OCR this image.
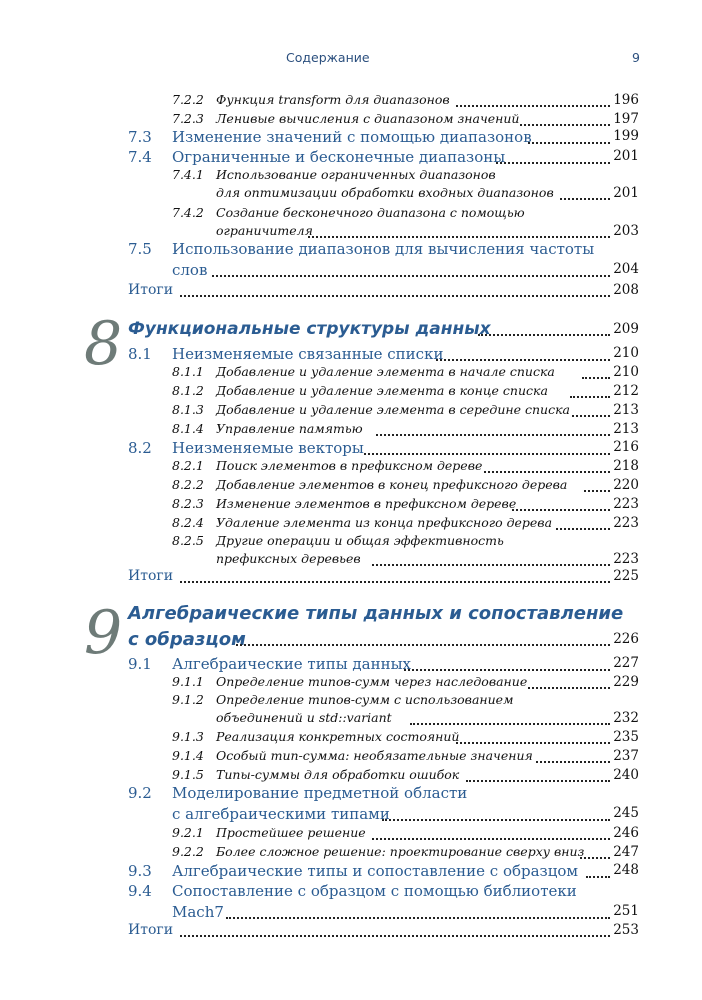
Содержание	9
7.2.2 Функция transform для диапазонов	196
7.2.3 Ленивые вычисления с диапазоном значений	197
7.3 Изменение значений с помощью диапазонов	199
7.4 Ограниченные и бесконечные диапазоны	201
7.4.1 Использование ограниченных диапазонов
для оптимизации обработки входных диапазонов	201
7.4.2 Создание бесконечного диапазона с помощью
ограничителя	203
7.5 Использование диапазонов для вычисления частоты
слов	204
Итоги	208
8 Функциональные структуры данных	209
8.1 Неизменяемые связанные списки	210
8.1.1 Добавление и удаление элемента в начале списка	210
8.1.2 Добавление и удаление элемента в конце списка	212
8.1.3 Добавление и удаление элемента в середине списка	213
8.1.4 Управление памятью	213
8.2 Неизменяемые векторы	216
8.2.1 Поиск элементов в префиксном дереве	218
8.2.2 Добавление элементов в конец префиксного дерева	220
8.2.3 Изменение элементов в префиксном дереве	223
8.2.4 Удаление элемента из конца префиксного дерева	223
8.2.5 Другие операции и общая эффективность
префиксных деревьев	223
Итоги	225
9 Алгебраические типы данных и сопоставление
с образцом	226
9.1 Алгебраические типы данных	227
9.1.1 Определение типов-сумм через наследование	229
9.1.2 Определение типов-сумм с использованием
объединений и std::variant	232
9.1.3 Реализация конкретных состояний	235
9.1.4 Особый тип-сумма: необязательные значения	237
9.1.5 Типы-суммы для обработки ошибок	240
9.2 Моделирование предметной области
с алгебраическими типами	245
9.2.1 Простейшее решение	246
9.2.2 Более сложное решение: проектирование сверху вниз 247
9.3 Алгебраические типы и сопоставление с образцом	248
9.4 Сопоставление с образцом с помощью библиотеки
Mach7	251
Итоги	253
